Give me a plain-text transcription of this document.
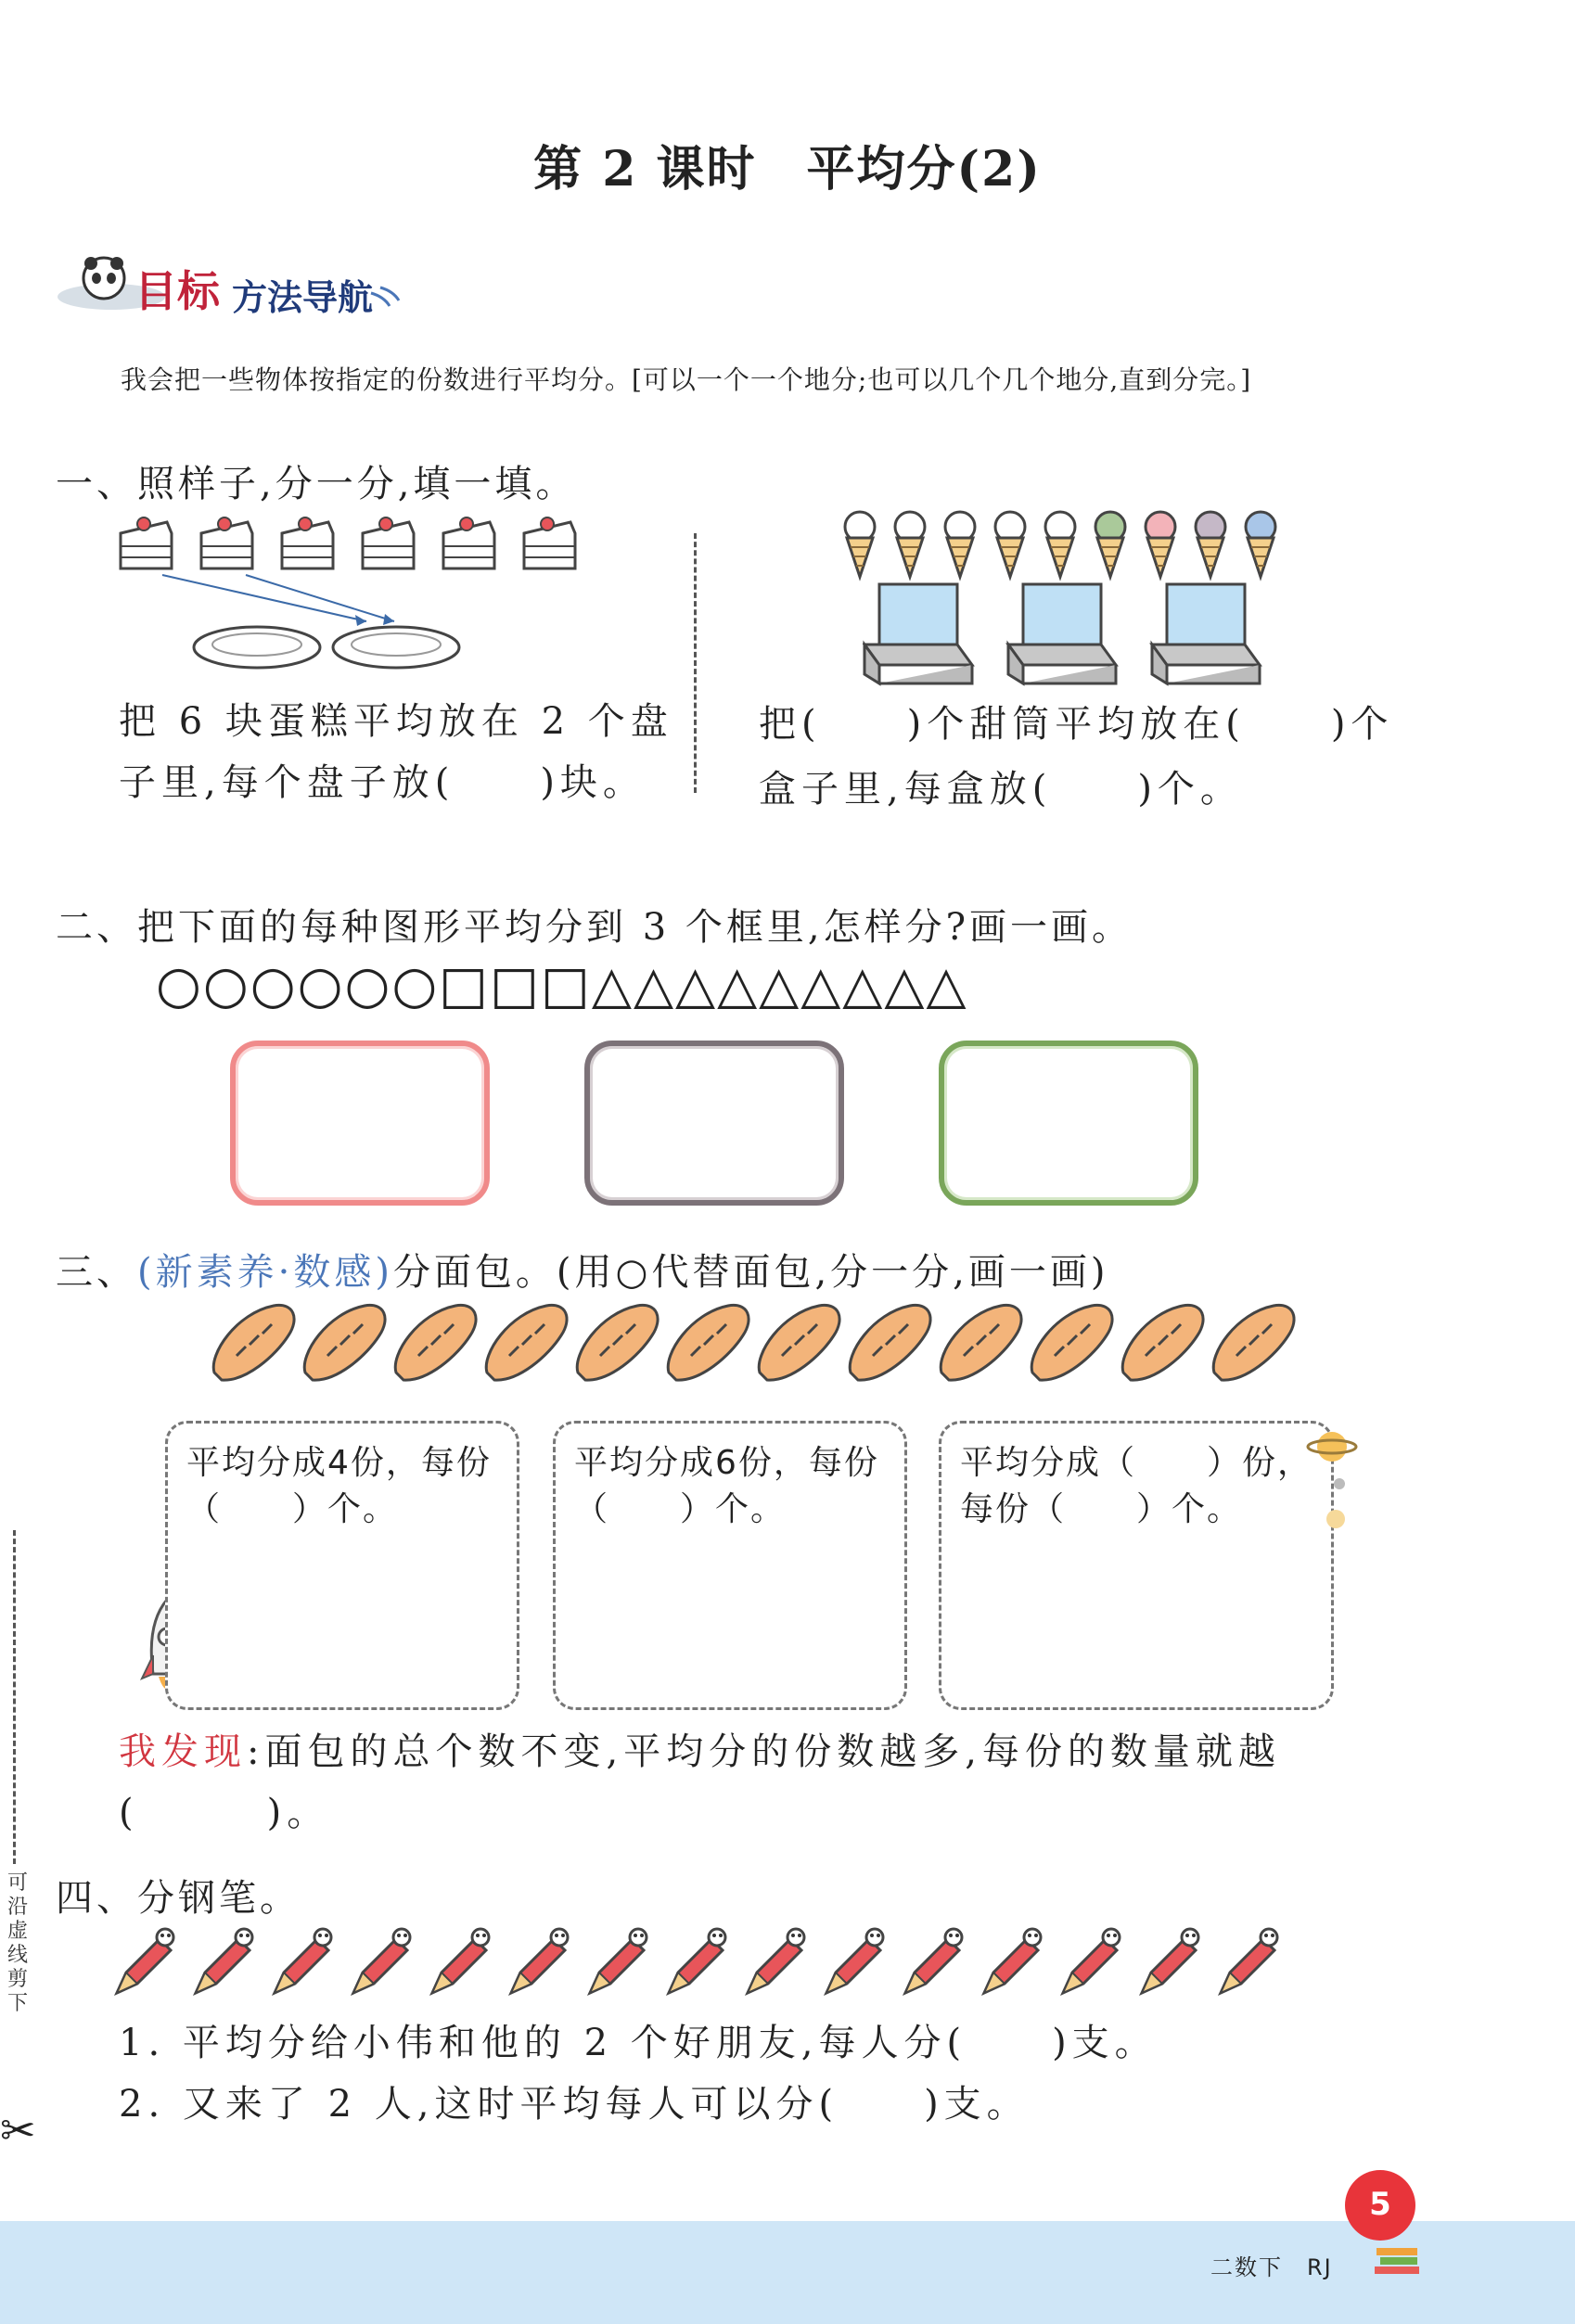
第 2 课时　平均分(2)
目标 方法导航
我会把一些物体按指定的份数进行平均分。[可以一个一个地分;也可以几个几个地分,直到分完。]
一、照样子,分一分,填一填。
把 6 块蛋糕平均放在 2 个盘
子里,每个盘子放(　　)块。
把(　　)个甜筒平均放在(　　)个
盒子里,每盒放(　　)个。
二、把下面的每种图形平均分到 3 个框里,怎样分?画一画。
○○○○○○□□□△△△△△△△△△
三、(新素养·数感)分面包。(用○代替面包,分一分,画一画)
平均分成4份，每份（　　）个。
平均分成6份，每份（　　）个。
平均分成（　　）份，每份（　　）个。
我发现:面包的总个数不变,平均分的份数越多,每份的数量就越
(　　　)。
四、分钢笔。
1. 平均分给小伟和他的 2 个好朋友,每人分(　　)支。
2. 又来了 2 人,这时平均每人可以分(　　)支。
可沿虚线剪下
✂
5
二数下　RJ
